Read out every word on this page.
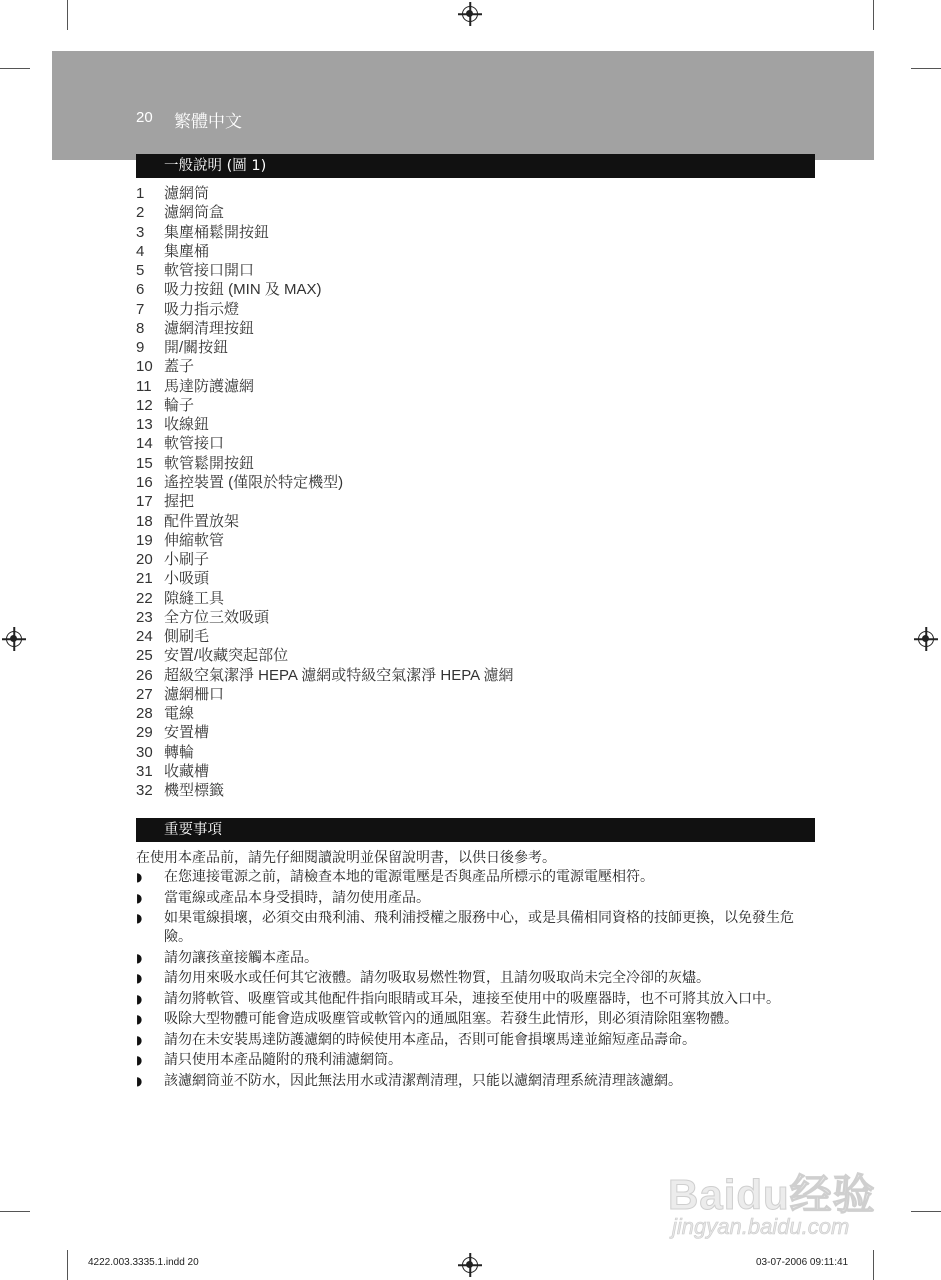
20 繁體中文
一般說明 (圖 1)
1 濾網筒
2 濾網筒盒
3 集塵桶鬆開按鈕
4 集塵桶
5 軟管接口開口
6 吸力按鈕 (MIN 及 MAX)
7 吸力指示燈
8 濾網清理按鈕
9 開/關按鈕
10 蓋子
11 馬達防護濾網
12 輪子
13 收線鈕
14 軟管接口
15 軟管鬆開按鈕
16 遙控裝置 (僅限於特定機型)
17 握把
18 配件置放架
19 伸縮軟管
20 小刷子
21 小吸頭
22 隙縫工具
23 全方位三效吸頭
24 側刷毛
25 安置/收藏突起部位
26 超級空氣潔淨 HEPA 濾網或特級空氣潔淨 HEPA 濾網
27 濾網柵口
28 電線
29 安置槽
30 轉輪
31 收藏槽
32 機型標籤
重要事項
在使用本產品前，請先仔細閱讀說明並保留說明書，以供日後參考。
◗ 在您連接電源之前，請檢查本地的電源電壓是否與產品所標示的電源電壓相符。
◗ 當電線或產品本身受損時，請勿使用產品。
◗ 如果電線損壞，必須交由飛利浦、飛利浦授權之服務中心，或是具備相同資格的技師更換，以免發生危險。
◗ 請勿讓孩童接觸本產品。
◗ 請勿用來吸水或任何其它液體。請勿吸取易燃性物質，且請勿吸取尚未完全冷卻的灰燼。
◗ 請勿將軟管、吸塵管或其他配件指向眼睛或耳朵，連接至使用中的吸塵器時，也不可將其放入口中。
◗ 吸除大型物體可能會造成吸塵管或軟管內的通風阻塞。若發生此情形，則必須清除阻塞物體。
◗ 請勿在未安裝馬達防護濾網的時候使用本產品，否則可能會損壞馬達並縮短產品壽命。
◗ 請只使用本產品隨附的飛利浦濾網筒。
◗ 該濾網筒並不防水，因此無法用水或清潔劑清理，只能以濾網清理系統清理該濾網。
Baidu经验
jingyan.baidu.com
4222.003.3335.1.indd 20	03-07-2006 09:11:41
